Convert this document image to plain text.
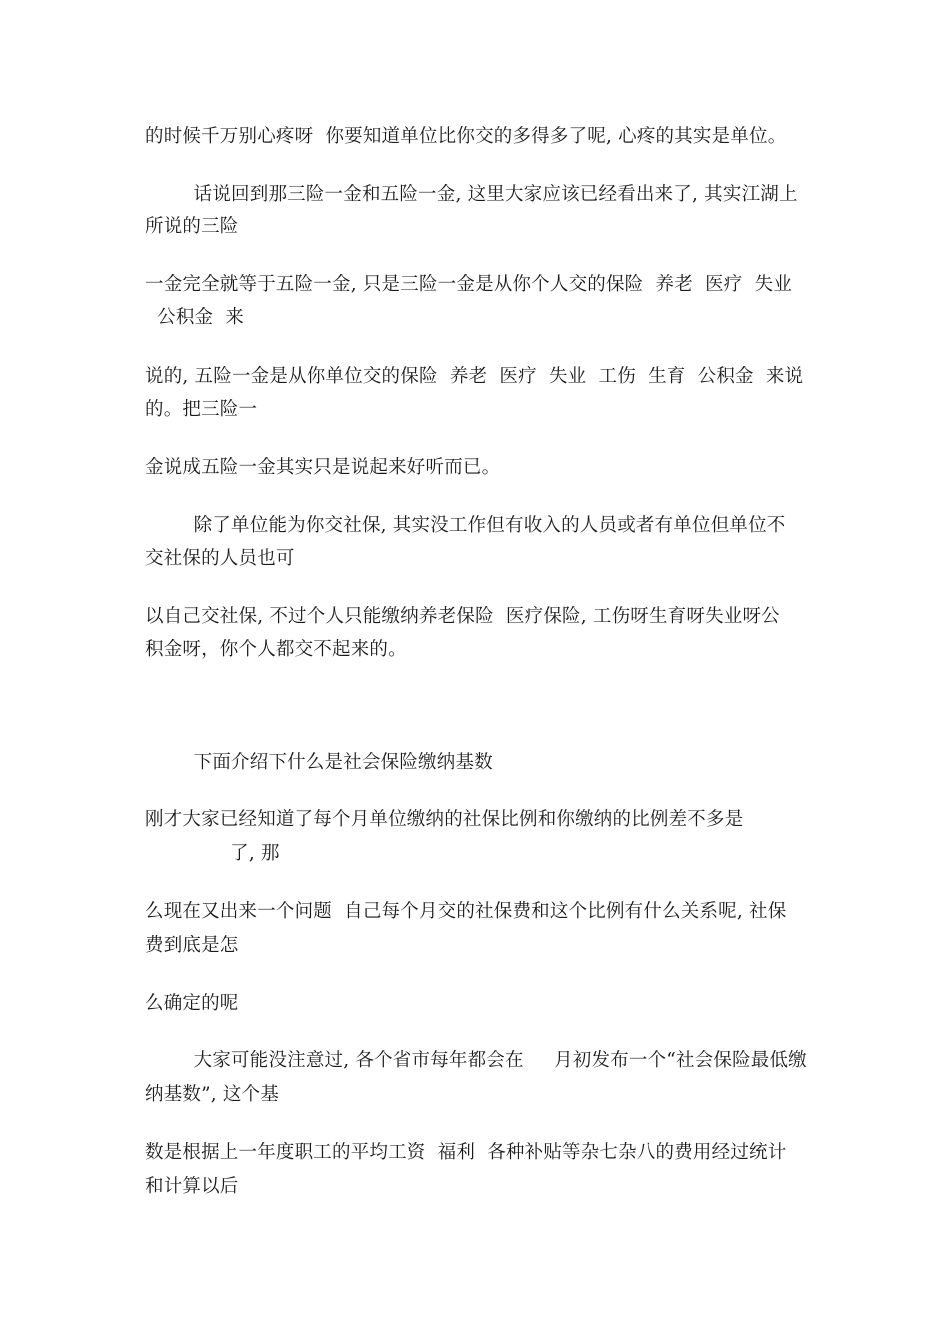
的时候千万别心疼呀  你要知道单位比你交的多得多了呢, 心疼的其实是单位。
话说回到那三险一金和五险一金, 这里大家应该已经看出来了, 其实江湖上
所说的三险
一金完全就等于五险一金, 只是三险一金是从你个人交的保险  养老  医疗  失业
公积金  来
说的, 五险一金是从你单位交的保险  养老  医疗  失业  工伤  生育  公积金  来说
的。把三险一
金说成五险一金其实只是说起来好听而已。
除了单位能为你交社保, 其实没工作但有收入的人员或者有单位但单位不
交社保的人员也可
以自己交社保, 不过个人只能缴纳养老保险  医疗保险, 工伤呀生育呀失业呀公
积金呀，你个人都交不起来的。
下面介绍下什么是社会保险缴纳基数
刚才大家已经知道了每个月单位缴纳的社保比例和你缴纳的比例差不多是
了, 那
么现在又出来一个问题  自己每个月交的社保费和这个比例有什么关系呢, 社保
费到底是怎
么确定的呢
大家可能没注意过, 各个省市每年都会在     月初发布一个“社会保险最低缴
纳基数”, 这个基
数是根据上一年度职工的平均工资  福利  各种补贴等杂七杂八的费用经过统计
和计算以后
